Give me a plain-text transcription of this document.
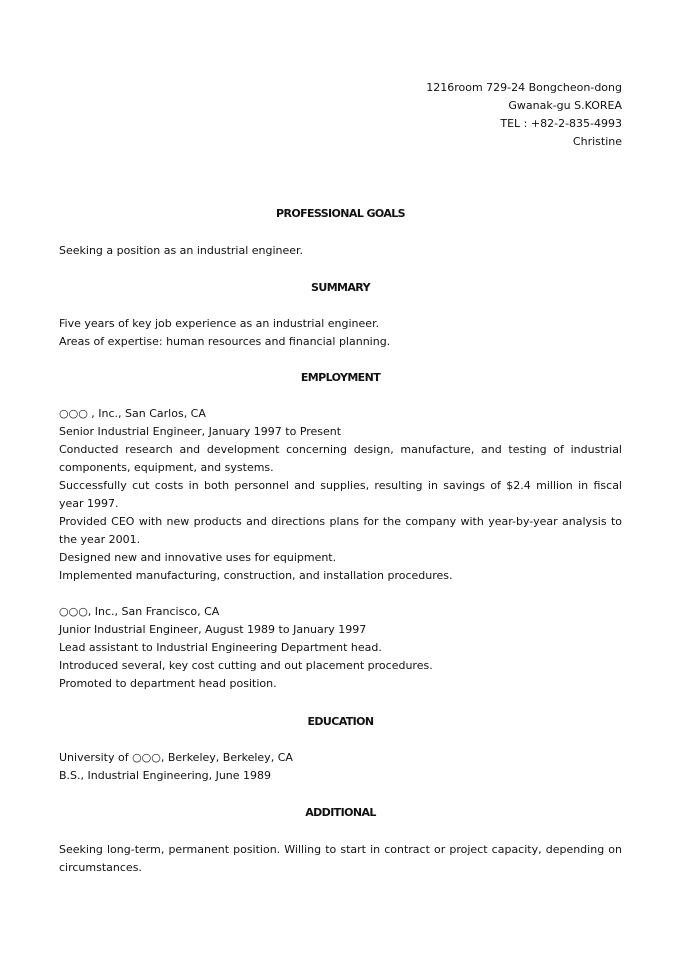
1216room 729-24 Bongcheon-dong
Gwanak-gu S.KOREA
TEL : +82-2-835-4993
Christine
PROFESSIONAL GOALS
Seeking a position as an industrial engineer.
SUMMARY
Five years of key job experience as an industrial engineer.
Areas of expertise: human resources and financial planning.
EMPLOYMENT
○○○ , Inc., San Carlos, CA
Senior Industrial Engineer, January 1997 to Present
Conducted research and development concerning design, manufacture, and testing of industrial components, equipment, and systems.
Successfully cut costs in both personnel and supplies, resulting in savings of $2.4 million in fiscal year 1997.
Provided CEO with new products and directions plans for the company with year-by-year analysis to the year 2001.
Designed new and innovative uses for equipment.
Implemented manufacturing, construction, and installation procedures.
○○○, Inc., San Francisco, CA
Junior Industrial Engineer, August 1989 to January 1997
Lead assistant to Industrial Engineering Department head.
Introduced several, key cost cutting and out placement procedures.
Promoted to department head position.
EDUCATION
University of ○○○, Berkeley, Berkeley, CA
B.S., Industrial Engineering, June 1989
ADDITIONAL
Seeking long-term, permanent position. Willing to start in contract or project capacity, depending on circumstances.
